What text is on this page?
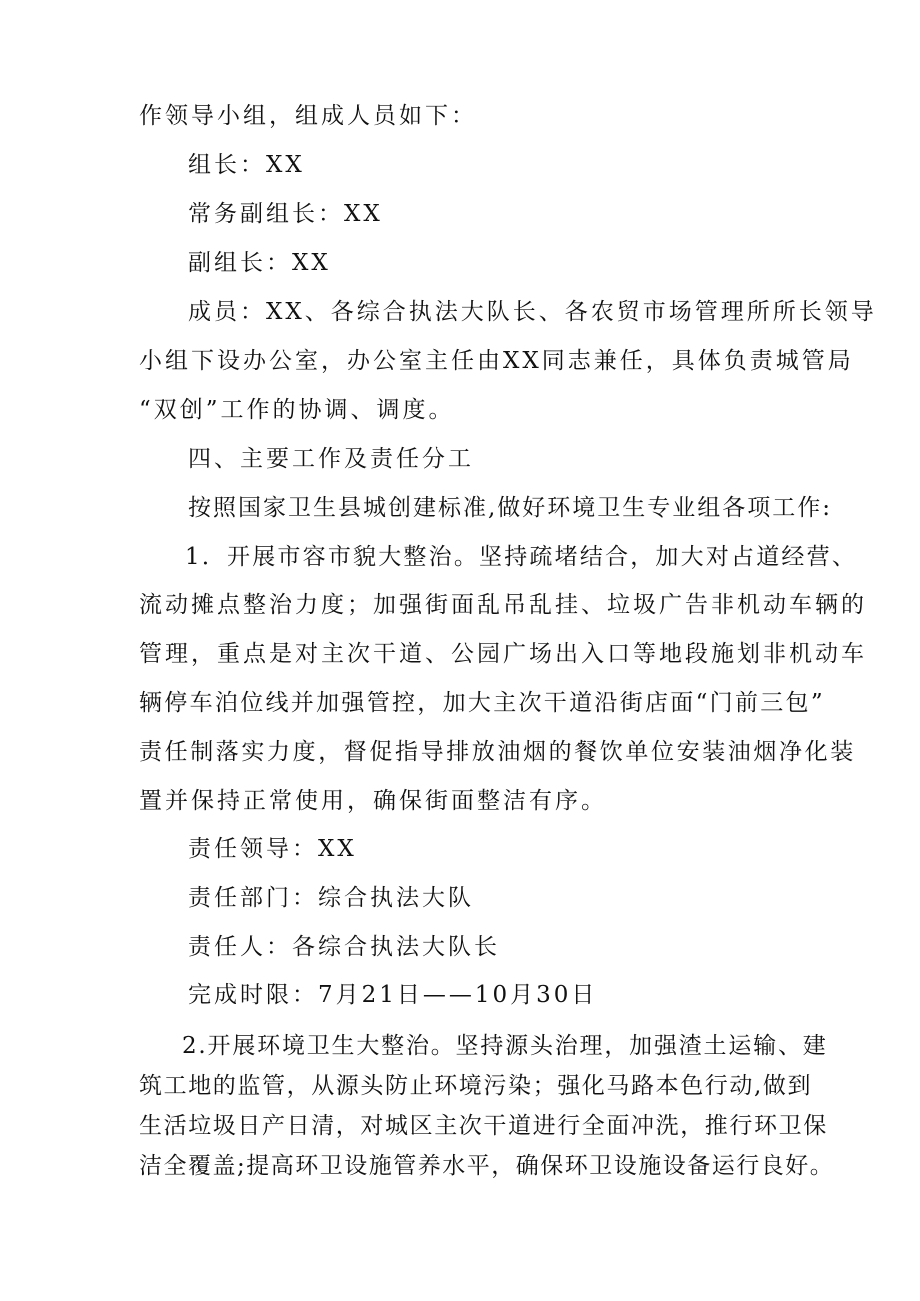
作领导小组，组成人员如下：
组长：XX
常务副组长：XX
副组长：XX
成员：XX、各综合执法大队长、各农贸市场管理所所长领导
小组下设办公室，办公室主任由XX同志兼任，具体负责城管局
“双创”工作的协调、调度。
四、主要工作及责任分工
按照国家卫生县城创建标准,做好环境卫生专业组各项工作:
1．开展市容市貌大整治。坚持疏堵结合，加大对占道经营、
流动摊点整治力度；加强街面乱吊乱挂、垃圾广告非机动车辆的
管理，重点是对主次干道、公园广场出入口等地段施划非机动车
辆停车泊位线并加强管控，加大主次干道沿街店面“门前三包”
责任制落实力度，督促指导排放油烟的餐饮单位安装油烟净化装
置并保持正常使用，确保街面整洁有序。
责任领导：XX
责任部门：综合执法大队
责任人：各综合执法大队长
完成时限：7月21日——10月30日
2.开展环境卫生大整治。坚持源头治理，加强渣土运输、建
筑工地的监管，从源头防止环境污染；强化马路本色行动,做到
生活垃圾日产日清，对城区主次干道进行全面冲洗，推行环卫保
洁全覆盖;提高环卫设施管养水平，确保环卫设施设备运行良好。
